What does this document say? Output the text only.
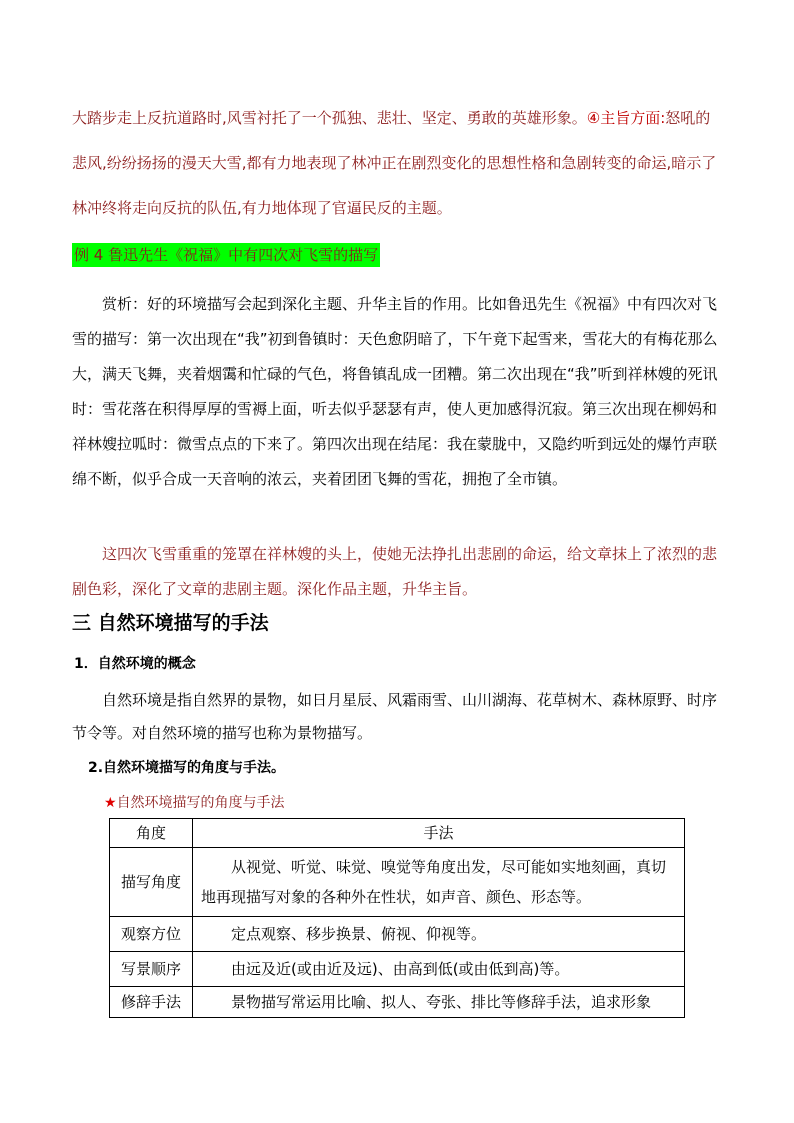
大踏步走上反抗道路时,风雪衬托了一个孤独、悲壮、坚定、勇敢的英雄形象。④主旨方面:怒吼的悲风,纷纷扬扬的漫天大雪,都有力地表现了林冲正在剧烈变化的思想性格和急剧转变的命运,暗示了林冲终将走向反抗的队伍,有力地体现了官逼民反的主题。
例 4 鲁迅先生《祝福》中有四次对飞雪的描写
赏析：好的环境描写会起到深化主题、升华主旨的作用。比如鲁迅先生《祝福》中有四次对飞雪的描写：第一次出现在“我”初到鲁镇时：天色愈阴暗了，下午竟下起雪来，雪花大的有梅花那么大，满天飞舞，夹着烟霭和忙碌的气色，将鲁镇乱成一团糟。第二次出现在“我”听到祥林嫂的死讯时：雪花落在积得厚厚的雪褥上面，听去似乎瑟瑟有声，使人更加感得沉寂。第三次出现在柳妈和祥林嫂拉呱时：微雪点点的下来了。第四次出现在结尾：我在蒙胧中，又隐约听到远处的爆竹声联绵不断，似乎合成一天音响的浓云，夹着团团飞舞的雪花，拥抱了全市镇。
这四次飞雪重重的笼罩在祥林嫂的头上，使她无法挣扎出悲剧的命运，给文章抹上了浓烈的悲剧色彩，深化了文章的悲剧主题。深化作品主题，升华主旨。
三 自然环境描写的手法
1．自然环境的概念
自然环境是指自然界的景物，如日月星辰、风霜雨雪、山川湖海、花草树木、森林原野、时序节令等。对自然环境的描写也称为景物描写。
2.自然环境描写的角度与手法。
★自然环境描写的角度与手法
角度	手法
描写角度	从视觉、听觉、味觉、嗅觉等角度出发，尽可能如实地刻画，真切地再现描写对象的各种外在性状，如声音、颜色、形态等。
观察方位	定点观察、移步换景、俯视、仰视等。
写景顺序	由远及近(或由近及远)、由高到低(或由低到高)等。
修辞手法	景物描写常运用比喻、拟人、夸张、排比等修辞手法，追求形象
